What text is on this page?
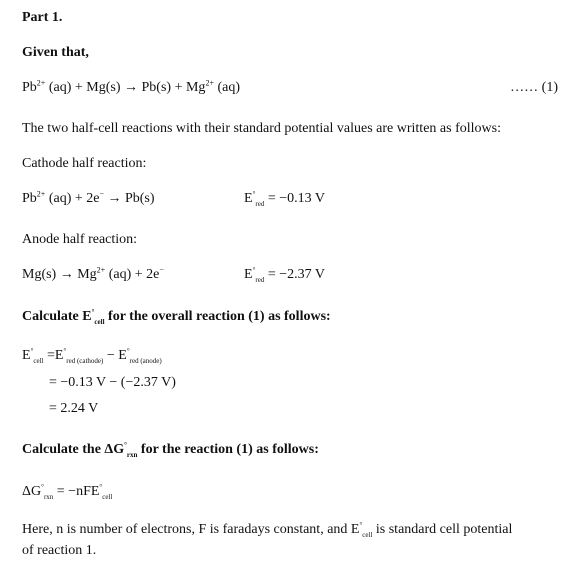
Part 1.
Given that,
$Pb^{2+}$ $(aq) + Mg(s) \to Pb(s) + Mg^{2+}$ (aq)	…… (1)
The two half-cell reactions with their standard potential values are written as follows:
Cathode half reaction:
$Pb^{2+}$ (aq) + 2e− → Pb(s)	$E^\circ_{red} = -0.13$ V
Anode half reaction:
$Mg(s) \to Mg^{2+}$ (aq) + 2e−	$E^\circ_{red} = -2.37$ V
Calculate $E^\circ_{cell}$ for the overall reaction (1) as follows:
$E^\circ_{cell} =E^\circ_{red (cathode)} - E^\circ_{red (anode)}$
= −0.13 V − (−2.37 V)
= 2.24 V
Calculate the $\Delta G^\circ_{rxn}$ for the reaction (1) as follows:
$\Delta G^\circ_{rxn} = -nFE^\circ_{cell}$
Here, n is number of electrons, F is faradays constant, and $E^\circ_{cell}$ is standard cell potential
of reaction 1.
